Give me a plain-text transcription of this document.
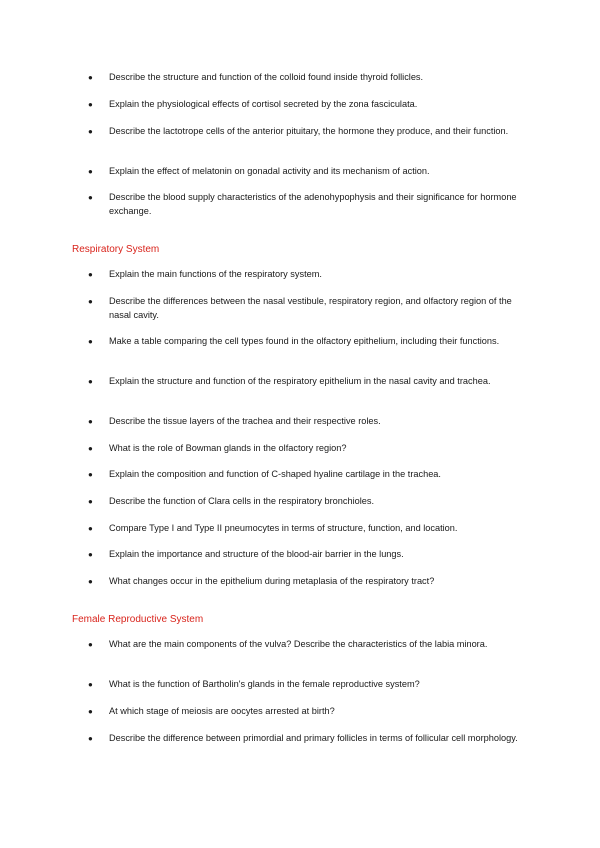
● Describe the structure and function of the colloid found inside thyroid follicles.
● Explain the physiological effects of cortisol secreted by the zona fasciculata.
● Describe the lactotrope cells of the anterior pituitary, the hormone they produce, and their function.
● Explain the effect of melatonin on gonadal activity and its mechanism of action.
● Describe the blood supply characteristics of the adenohypophysis and their significance for hormone exchange.
Respiratory System
● Explain the main functions of the respiratory system.
● Describe the differences between the nasal vestibule, respiratory region, and olfactory region of the nasal cavity.
● Make a table comparing the cell types found in the olfactory epithelium, including their functions.
● Explain the structure and function of the respiratory epithelium in the nasal cavity and trachea.
● Describe the tissue layers of the trachea and their respective roles.
● What is the role of Bowman glands in the olfactory region?
● Explain the composition and function of C-shaped hyaline cartilage in the trachea.
● Describe the function of Clara cells in the respiratory bronchioles.
● Compare Type I and Type II pneumocytes in terms of structure, function, and location.
● Explain the importance and structure of the blood-air barrier in the lungs.
● What changes occur in the epithelium during metaplasia of the respiratory tract?
Female Reproductive System
● What are the main components of the vulva? Describe the characteristics of the labia minora.
● What is the function of Bartholin's glands in the female reproductive system?
● At which stage of meiosis are oocytes arrested at birth?
● Describe the difference between primordial and primary follicles in terms of follicular cell morphology.
